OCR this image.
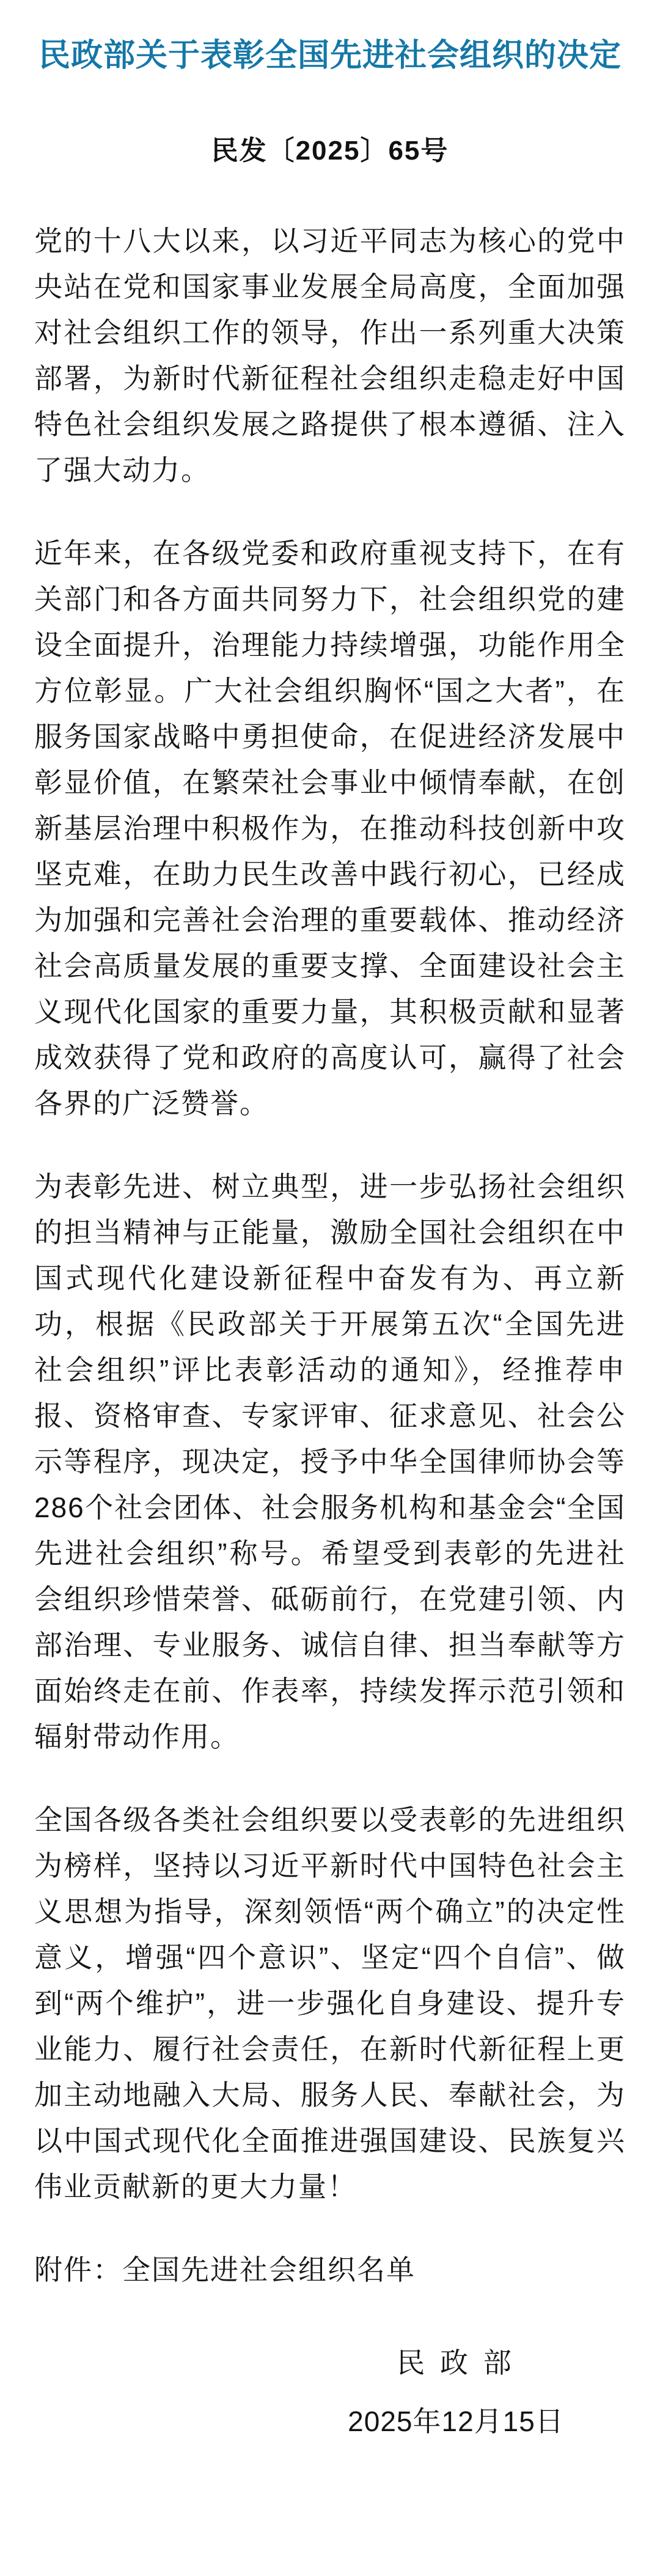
民政部关于表彰全国先进社会组织的决定
民发〔2025〕65号

党的十八大以来，以习近平同志为核心的党中央站在党和国家事业发展全局高度，全面加强对社会组织工作的领导，作出一系列重大决策部署，为新时代新征程社会组织走稳走好中国特色社会组织发展之路提供了根本遵循、注入了强大动力。

近年来，在各级党委和政府重视支持下，在有关部门和各方面共同努力下，社会组织党的建设全面提升，治理能力持续增强，功能作用全方位彰显。广大社会组织胸怀“国之大者”，在服务国家战略中勇担使命，在促进经济发展中彰显价值，在繁荣社会事业中倾情奉献，在创新基层治理中积极作为，在推动科技创新中攻坚克难，在助力民生改善中践行初心，已经成为加强和完善社会治理的重要载体、推动经济社会高质量发展的重要支撑、全面建设社会主义现代化国家的重要力量，其积极贡献和显著成效获得了党和政府的高度认可，赢得了社会各界的广泛赞誉。

为表彰先进、树立典型，进一步弘扬社会组织的担当精神与正能量，激励全国社会组织在中国式现代化建设新征程中奋发有为、再立新功，根据《民政部关于开展第五次“全国先进社会组织”评比表彰活动的通知》，经推荐申报、资格审查、专家评审、征求意见、社会公示等程序，现决定，授予中华全国律师协会等286个社会团体、社会服务机构和基金会“全国先进社会组织”称号。希望受到表彰的先进社会组织珍惜荣誉、砥砺前行，在党建引领、内部治理、专业服务、诚信自律、担当奉献等方面始终走在前、作表率，持续发挥示范引领和辐射带动作用。

全国各级各类社会组织要以受表彰的先进组织为榜样，坚持以习近平新时代中国特色社会主义思想为指导，深刻领悟“两个确立”的决定性意义，增强“四个意识”、坚定“四个自信”、做到“两个维护”，进一步强化自身建设、提升专业能力、履行社会责任，在新时代新征程上更加主动地融入大局、服务人民、奉献社会，为以中国式现代化全面推进强国建设、民族复兴伟业贡献新的更大力量！

附件：全国先进社会组织名单

民 政 部
2025年12月15日
